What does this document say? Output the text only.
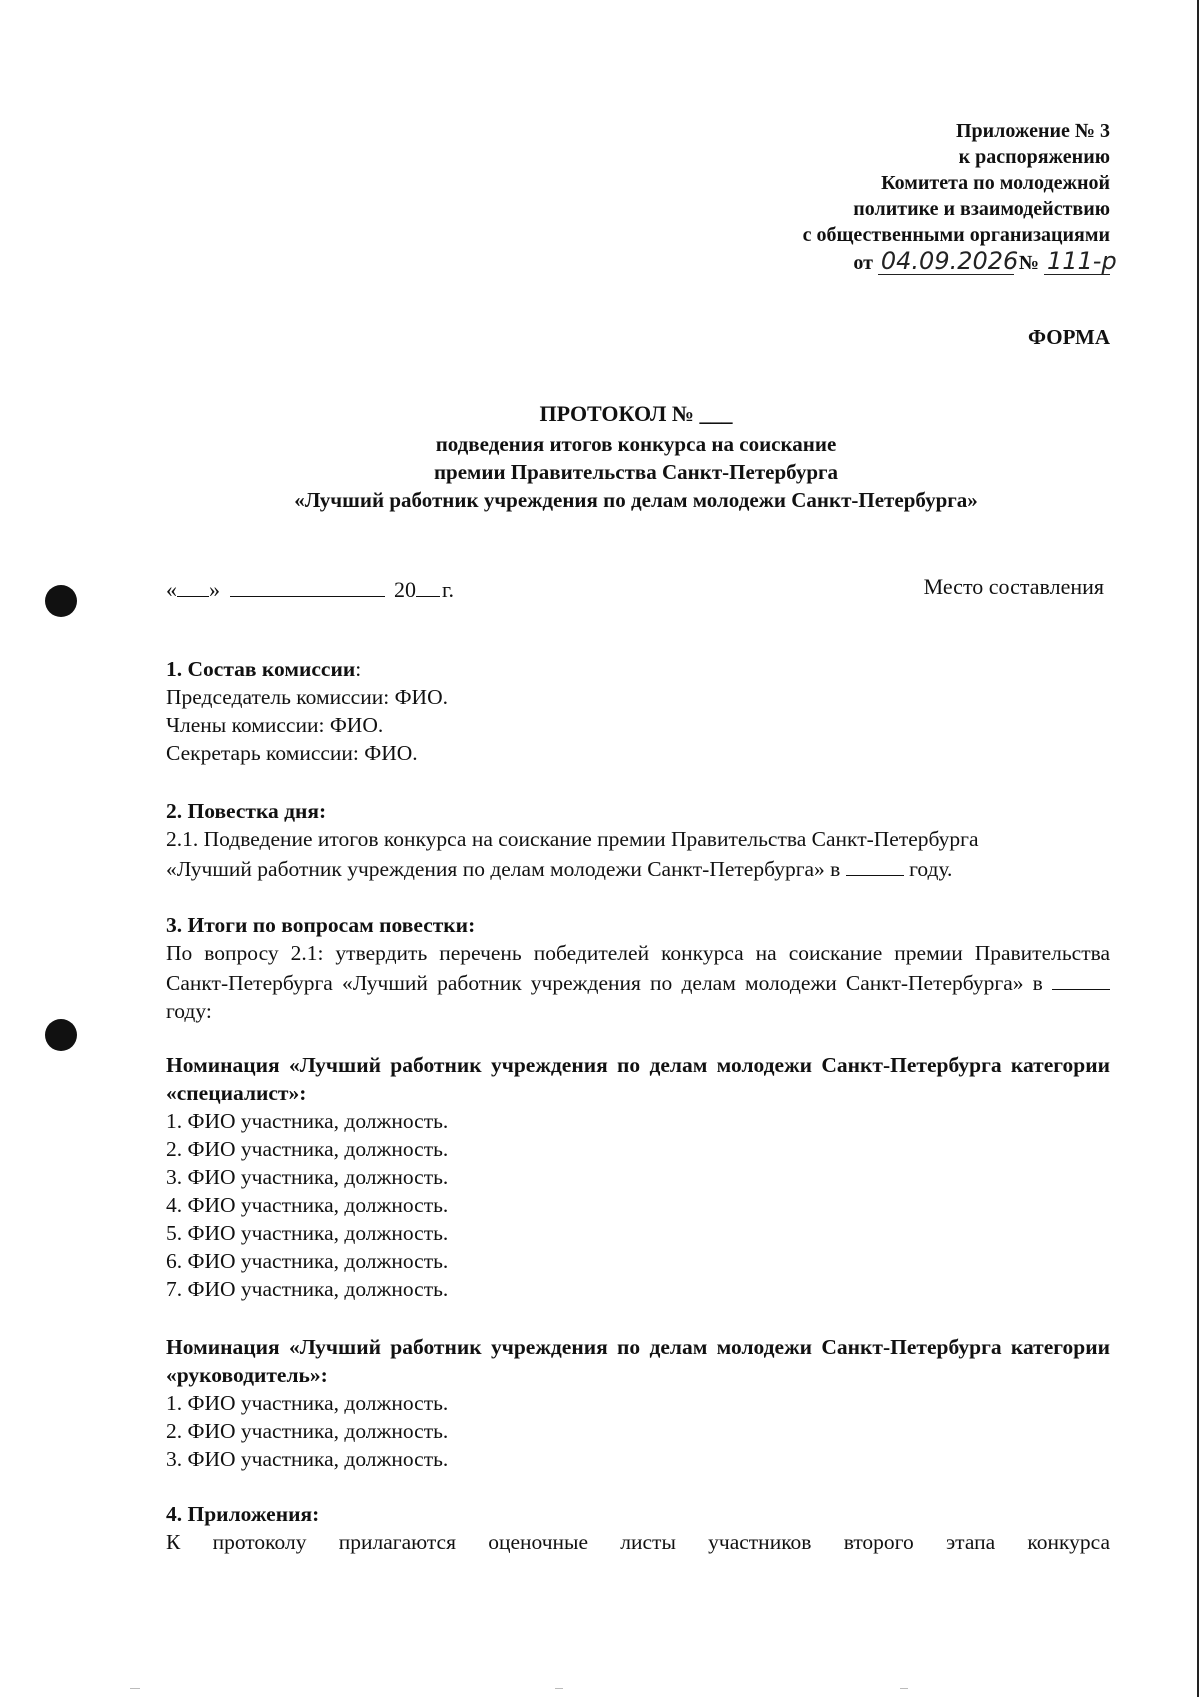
Приложение № 3
к распоряжению
Комитета по молодежной
политике и взаимодействию
с общественными организациями
от 04.09.2026 № 111-р
ФОРМА
ПРОТОКОЛ № ___
подведения итогов конкурса на соискание
премии Правительства Санкт-Петербурга
«Лучший работник учреждения по делам молодежи Санкт-Петербурга»
« »	20 г.	Место составления

1. Состав комиссии:

Председатель комиссии: ФИО.

Члены комиссии: ФИО.

Секретарь комиссии: ФИО.

2. Повестка дня:

2.1. Подведение итогов конкурса на соискание премии Правительства Санкт-Петербурга

«Лучший работник учреждения по делам молодежи Санкт-Петербурга» в	году.

3. Итоги по вопросам повестки:

По вопросу 2.1: утвердить перечень победителей конкурса на соискание премии Правительства Санкт-Петербурга «Лучший работник учреждения по делам молодежи Санкт-Петербурга» в  году:

Номинация «Лучший работник учреждения по делам молодежи Санкт-Петербурга категории «специалист»:

1. ФИО участника, должность.

2. ФИО участника, должность.

3. ФИО участника, должность.

4. ФИО участника, должность.

5. ФИО участника, должность.

6. ФИО участника, должность.

7. ФИО участника, должность.

Номинация «Лучший работник учреждения по делам молодежи Санкт-Петербурга категории «руководитель»:

1. ФИО участника, должность.

2. ФИО участника, должность.

3. ФИО участника, должность.

4. Приложения:

К протоколу прилагаются оценочные листы участников второго этапа конкурса
